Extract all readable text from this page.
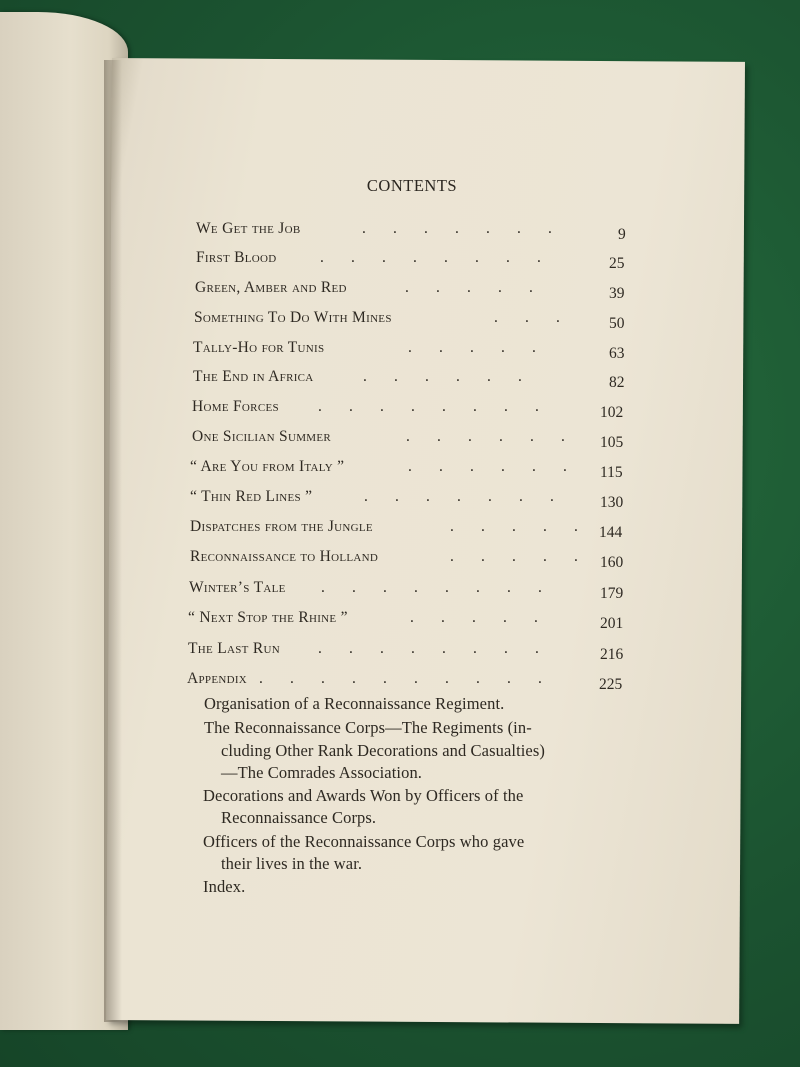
CONTENTS
We Get the Job	.       .       .       .       .       .       .	9
First Blood	.       .       .       .       .       .       .       .	25
Green, Amber and Red	.       .       .       .       .	39
Something To Do With Mines	.       .       .	50
Tally-Ho for Tunis	.       .       .       .       .	63
The End in Africa	.       .       .       .       .       .	82
Home Forces	.       .       .       .       .       .       .       .	102
One Sicilian Summer	.       .       .       .       .       . 105
“ Are You from Italy ”	.       .       .       .       .       . 115
“ Thin Red Lines ”	.       .       .       .       .       .       .	130
Dispatches from the Jungle	.       .       .       .       . 144
Reconnaissance to Holland	.       .       .       .       . 160
Winter’s Tale .       .       .       .       .       .       .       .	179
“ Next Stop the Rhine ”	.       .       .       .       .	201
The Last Run .       .       .       .       .       .       .       .	216
Appendix .       .       .       .       .       .       .       .       .       .	225
Organisation of a Reconnaissance Regiment.
The Reconnaissance Corps—The Regiments (in-
cluding Other Rank Decorations and Casualties)
—The Comrades Association.
Decorations and Awards Won by Officers of the
Reconnaissance Corps.
Officers of the Reconnaissance Corps who gave
their lives in the war.
Index.
